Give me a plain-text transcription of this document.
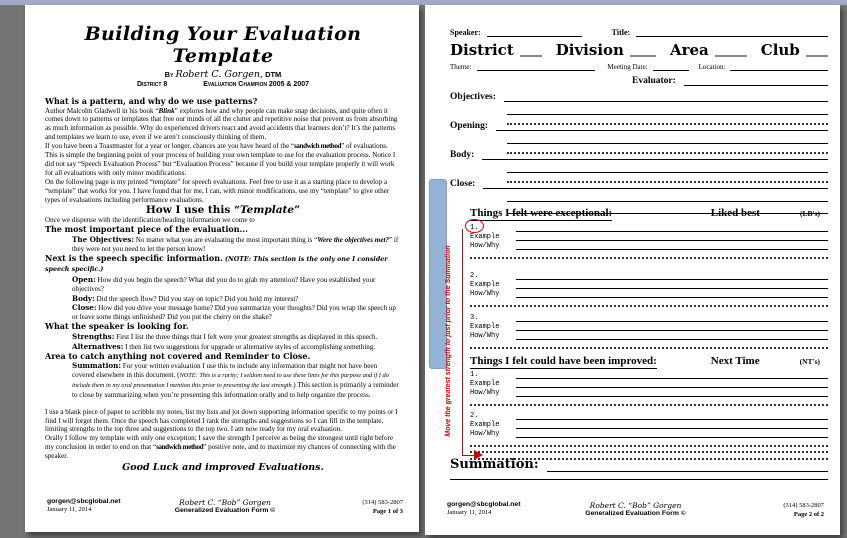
Building Your Evaluation Template
By Robert C. Gorgen, DTM
District 8	Evaluation Champion 2005 & 2007
What is a pattern, and why do we use patterns?
Author Malcolm Gladwell in his book “Blink” explores how and why people can make snap decisions, and quite often it comes down to patterns or templates that free our minds of all the clutter and repetitive noise that prevent us from absorbing as much information as possible. Why do experienced drivers react and avoid accidents that learners don’t? It’s the patterns and templates we learn to use, even if we aren’t consciously thinking of them.
If you have been a Toastmaster for a year or longer, chances are you have heard of the “sandwich method” of evaluations. This is simple the beginning point of your process of building your own template to use for the evaluation process. Notice I did not say “Speech Evaluation Process” but “Evaluation Process” because if you build your template properly it will work for all evaluations with only minor modifications.
On the following page is my printed “template” for speech evaluations. Feel free to use it as a starting place to develop a “template” that works for you. I have found that for me, I can, with minor modifications, use my “template” to give other types of evaluations including performance evaluations.
How I use this “Template”
Once we dispense with the identification/heading information we come to
The most important piece of the evaluation...
The Objectives: No matter what you are evaluating the most important thing is “Were the objectives met?” if they were not you need to let the person know!
Next is the speech specific information. (NOTE: This section is the only one I consider speech specific.)
Open: How did you begin the speech? What did you do to grab my attention? Have you established your objectives?
Body: Did the speech flow? Did you stay on topic? Did you hold my interest?
Close: How did you drive your message home? Did you summarize your thoughts? Did you wrap the speech up or leave some things unfinished? Did you put the cherry on the shake?
What the speaker is looking for.
Strengths: First I list the three things that I felt were your greatest strengths as displayed in this speech.
Alternatives: I then list two suggestions for upgrade or alternative styles of accomplishing something.
Area to catch anything not covered and Reminder to Close.
Summation: For your written evaluation I use this to include any information that might not have been covered elsewhere in this document. (NOTE: This is a rarity; I seldom need to use these lines for this purpose and if I do include them in my oral presentation I mention this prior to presenting the last strength.) This section is primarily a reminder to close by summarizing when you’re presenting this information orally and to help organize the process.
I use a blank piece of paper to scribble my notes, list my lists and jot down supporting information specific to my points or I find I will forget them. Once the speech has completed I rank the strengths and suggestions so I can fill in the template, limiting strengths to the top three and suggestions to the top two. I am now ready for my oral evaluation.
Orally I follow my template with only one exception; I save the strength I perceive as being the strongest until right before my conclusion in order to end on that “sandwich method” positive note, and to maximize my chances of connecting with the speaker.
Good Luck and improved Evaluations.
gorgen@sbcglobal.net
January 11, 2014
Robert C. “Bob” Gorgen
Generalized Evaluation Form ©
(314) 583-2807
Page 1 of 3
Speaker:	Title:
District	Division	Area	Club
Theme:	Meeting Date:	Location:
Evaluator:
Objectives:
Opening:
Body:
Close:
Things I felt were exceptional:	Liked best	(LB's)
1.
Example
How/Why
2.
Example
How/Why
3.
Example
How/Why
Things I felt could have been improved:	Next Time	(NT's)
1.
Example
How/Why
2.
Example
How/Why
Summation:
Move the greatest strength to just prior to the Summation
gorgen@sbcglobal.net
January 11, 2014
Robert C. “Bob” Gorgen
Generalized Evaluation Form ©
(314) 583-2807
Page 2 of 2
